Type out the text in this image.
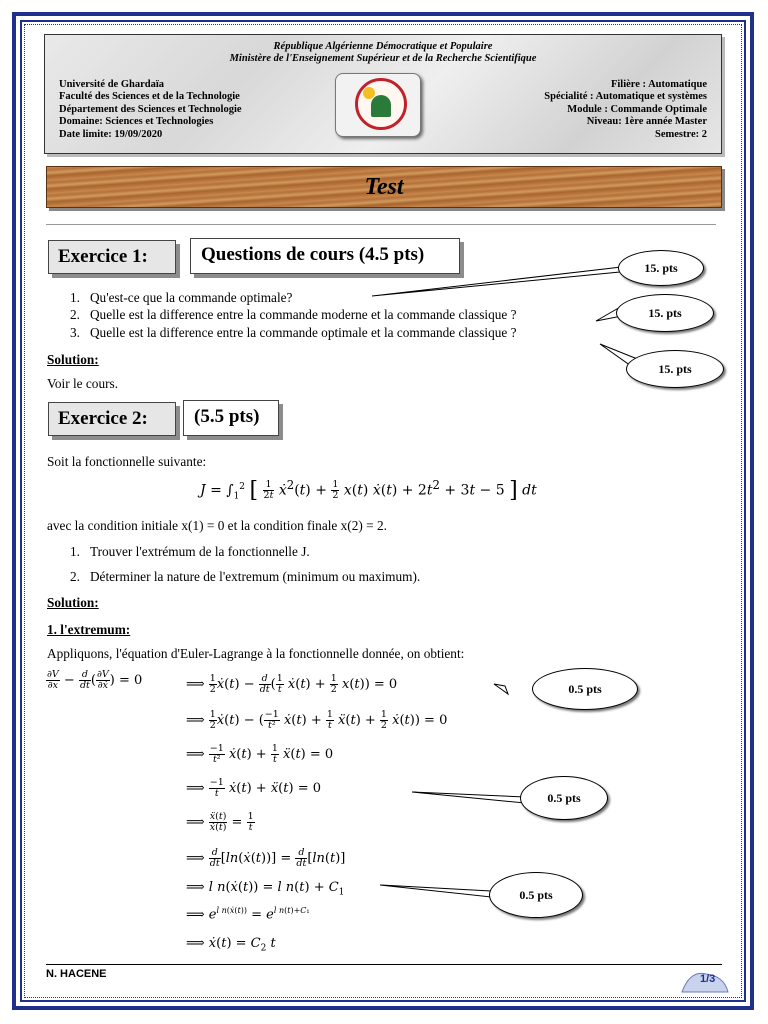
République Algérienne Démocratique et Populaire
Ministère de l'Enseignement Supérieur et de la Recherche Scientifique
Université de Ghardaïa
Faculté des Sciences et de la Technologie
Département des Sciences et Technologie
Domaine: Sciences et Technologies
Date limite: 19/09/2020
Filière : Automatique
Spécialité : Automatique et systèmes
Module : Commande Optimale
Niveau: 1ère année Master
Semestre: 2
Test
Exercice 1:	Questions de cours (4.5 pts)
15. pts
15. pts
15. pts
1.   Qu'est-ce que la commande optimale?
2.   Quelle est la difference entre la commande moderne et la commande classique ?
3.   Quelle est la difference entre la commande optimale et la commande classique ?
Solution:
Voir le cours.
Exercice 2:	(5.5 pts)
Soit la fonctionnelle suivante:
$J = \int_1^2$ [ $\frac{1}{2t}$ ẋ$^2$(t) + $\frac{1}{2} x(t)$ ẋ(t) + $2t^2 + 3t - 5$ ] dt
avec la condition initiale x(1) = 0 et la condition finale x(2) = 2.
1.   Trouver l'extrémum de la fonctionnelle J.
2.   Déterminer la nature de l'extremum (minimum ou maximum).
Solution:
1. l'extremum:
Appliquons, l'équation d'Euler-Lagrange à la fonctionnelle donnée, on obtient:
$\frac{\partial V}{\partial x} - \frac{d}{dt}$ ( $\frac{\partial V}{\text{∂ẋ}}$ ) = 0	⟹ $\frac{1}{2}$ ẋ(t) − $\frac{d}{dt}$ ( $\frac{1}{t}$ ẋ(t) + $\frac{1}{2} x(t)) = 0$
⟹ $\frac{1}{2}$ ẋ(t) − ( $\frac{-1}{\text{t²}}$ ẋ(t) + $\frac{1}{t}$ ẍ(t) + $\frac{1}{2}$ ẋ(t)) = 0
⟹ $\frac{-1}{\text{t²}}$ ẋ(t) + $\frac{1}{t}$ ẍ(t) = 0
⟹ $\frac{-1}{t}$ ẋ(t) + ẍ(t) = 0
⟹ $\frac{\text{ẍ(t)}}{\text{ẋ(t)}} = \frac{1}{t}$
⟹ $\frac{d}{dt}$ [ln(ẋ(t))] = $\frac{d}{dt} [\ln(t)]$
⟹ l n(ẋ(t)) = l $n(t) + C_1$
⟹ $e^{l n(ẋ(t))} = e^{l n(t)+C_1}$
⟹ ẋ(t) = $C_2$ t
0.5 pts
0.5 pts
0.5 pts
N. HACENE	1/3
